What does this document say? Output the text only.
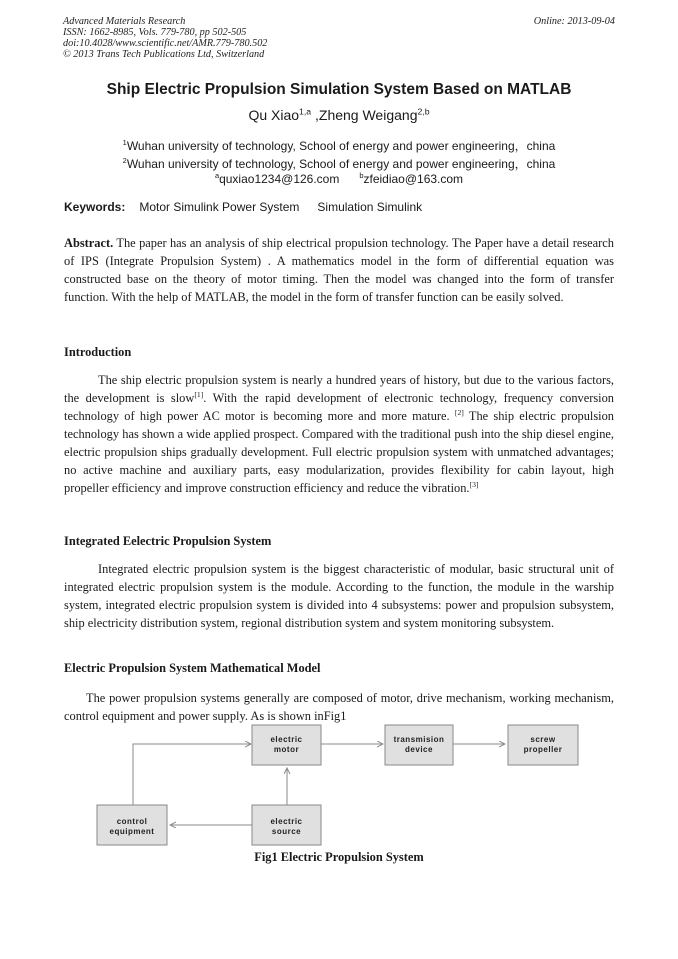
Advanced Materials Research
ISSN: 1662-8985, Vols. 779-780, pp 502-505
doi:10.4028/www.scientific.net/AMR.779-780.502
© 2013 Trans Tech Publications Ltd, Switzerland
Online: 2013-09-04
Ship Electric Propulsion Simulation System Based on MATLAB
Qu Xiao$^{1,a}$ ,Zheng Weigang$^{2,b}$
$^1$Wuhan university of technology, School of energy and power engineering，china
$^2$Wuhan university of technology, School of energy and power engineering，china
$^a$quxiao1234@126.com	$^b$zfeidiao@163.com
Keywords: Motor Simulink Power System Simulation Simulink
Abstract. The paper has an analysis of ship electrical propulsion technology. The Paper have a detail research of IPS (Integrate Propulsion System) . A mathematics model in the form of differential equation was constructed base on the theory of motor timing. Then the model was changed into the form of transfer function. With the help of MATLAB, the model in the form of transfer function can be easily solved.
Introduction
The ship electric propulsion system is nearly a hundred years of history, but due to the various factors, the development is slow[1]. With the rapid development of electronic technology, frequency conversion technology of high power AC motor is becoming more and more mature. [2] The ship electric propulsion technology has shown a wide applied prospect. Compared with the traditional push into the ship diesel engine, electric propulsion ships gradually development. Full electric propulsion system with unmatched advantages; no active machine and auxiliary parts, easy modularization, provides flexibility for cabin layout, high propeller efficiency and improve construction efficiency and reduce the vibration.[3]
Integrated Eelectric Propulsion System
Integrated electric propulsion system is the biggest characteristic of modular, basic structural unit of integrated electric propulsion system is the module. According to the function, the module in the warship system, integrated electric propulsion system is divided into 4 subsystems: power and propulsion subsystem, ship electricity distribution system, regional distribution system and system monitoring subsystem.
Electric Propulsion System Mathematical Model
The power propulsion systems generally are composed of motor, drive mechanism, working mechanism, control equipment and power supply. As is shown inFig1
electric
motor
transmision
device
screw
propeller
control
equipment
electric
source
Fig1 Electric Propulsion System
